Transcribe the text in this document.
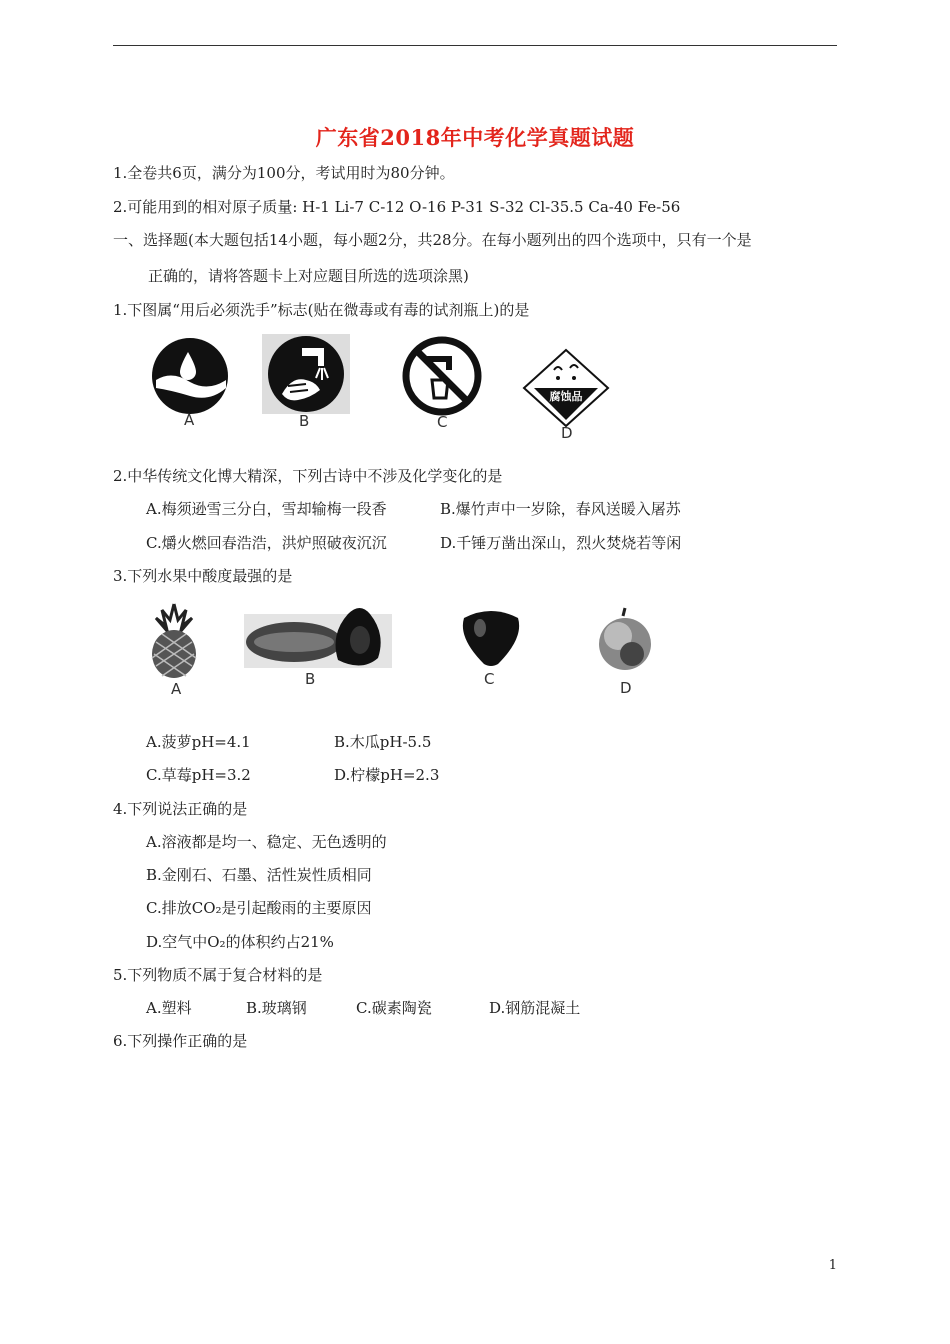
广东省2018年中考化学真题试题
1.全卷共6页，满分为100分，考试用时为80分钟。
2.可能用到的相对原子质量: H-1 Li-7 C-12 O-16 P-31 S-32 Cl-35.5 Ca-40 Fe-56
一、选择题(本大题包括14小题，每小题2分，共28分。在每小题列出的四个选项中，只有一个是
正确的，请将答题卡上对应题目所选的选项涂黑)
1.下图属“用后必须洗手”标志(贴在微毒或有毒的试剂瓶上)的是
A	B	C
腐蚀品
D
2.中华传统文化博大精深，下列古诗中不涉及化学变化的是
A.梅须逊雪三分白，雪却输梅一段香	B.爆竹声中一岁除，春风送暖入屠苏
C.爝火燃回春浩浩，洪炉照破夜沉沉	D.千锤万凿出深山，烈火焚烧若等闲
3.下列水果中酸度最强的是
A
B	C	D
A.菠萝pH=4.1	B.木瓜pH-5.5
C.草莓pH=3.2	D.柠檬pH=2.3
4.下列说法正确的是
A.溶液都是均一、稳定、无色透明的
B.金刚石、石墨、活性炭性质相同
C.排放CO₂是引起酸雨的主要原因
D.空气中O₂的体积约占21%
5.下列物质不属于复合材料的是
A.塑料	B.玻璃钢	C.碳素陶瓷	D.钢筋混凝土
6.下列操作正确的是
1
